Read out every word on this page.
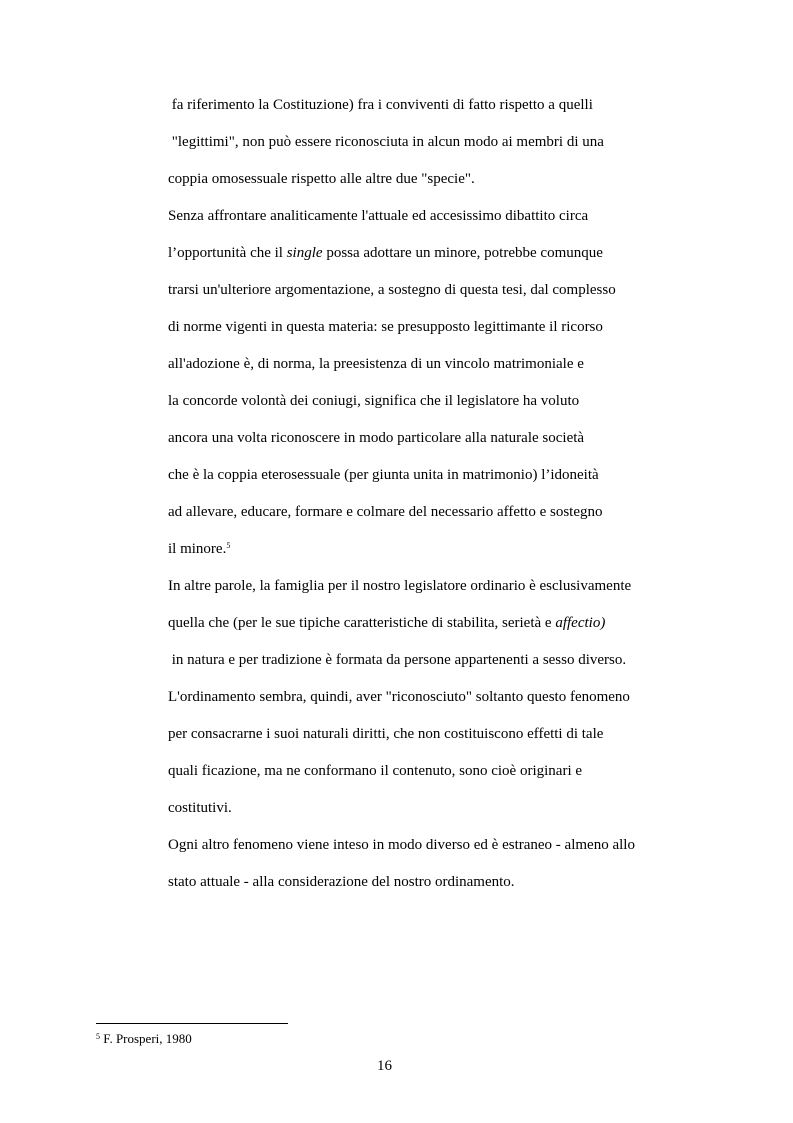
fa riferimento la Costituzione) fra i conviventi di fatto rispetto a quelli
"legittimi", non può essere riconosciuta in alcun modo ai membri di una
coppia omosessuale rispetto alle altre due "specie".
Senza affrontare analiticamente l'attuale ed accesissimo dibattito circa
l’opportunità che il single possa adottare un minore, potrebbe comunque
trarsi un'ulteriore argomentazione, a sostegno di questa tesi, dal complesso
di norme vigenti in questa materia: se presupposto legittimante il ricorso
all'adozione è, di norma, la preesistenza di un vincolo matrimoniale e
la concorde volontà dei coniugi, significa che il legislatore ha voluto
ancora una volta riconoscere in modo particolare alla naturale società
che è la coppia eterosessuale (per giunta unita in matrimonio) l’idoneità
ad allevare, educare, formare e colmare del necessario affetto e sostegno
il minore.$^5$
In altre parole, la famiglia per il nostro legislatore ordinario è esclusivamente
quella che (per le sue tipiche caratteristiche di stabilita, serietà e affectio)
in natura e per tradizione è formata da persone appartenenti a sesso diverso.
L'ordinamento sembra, quindi, aver "riconosciuto" soltanto questo fenomeno
per consacrarne i suoi naturali diritti, che non costituiscono effetti di tale
quali ficazione, ma ne conformano il contenuto, sono cioè originari e
costitutivi.
Ogni altro fenomeno viene inteso in modo diverso ed è estraneo - almeno allo
stato attuale - alla considerazione del nostro ordinamento.
$^5$ F. Prosperi, 1980
16
